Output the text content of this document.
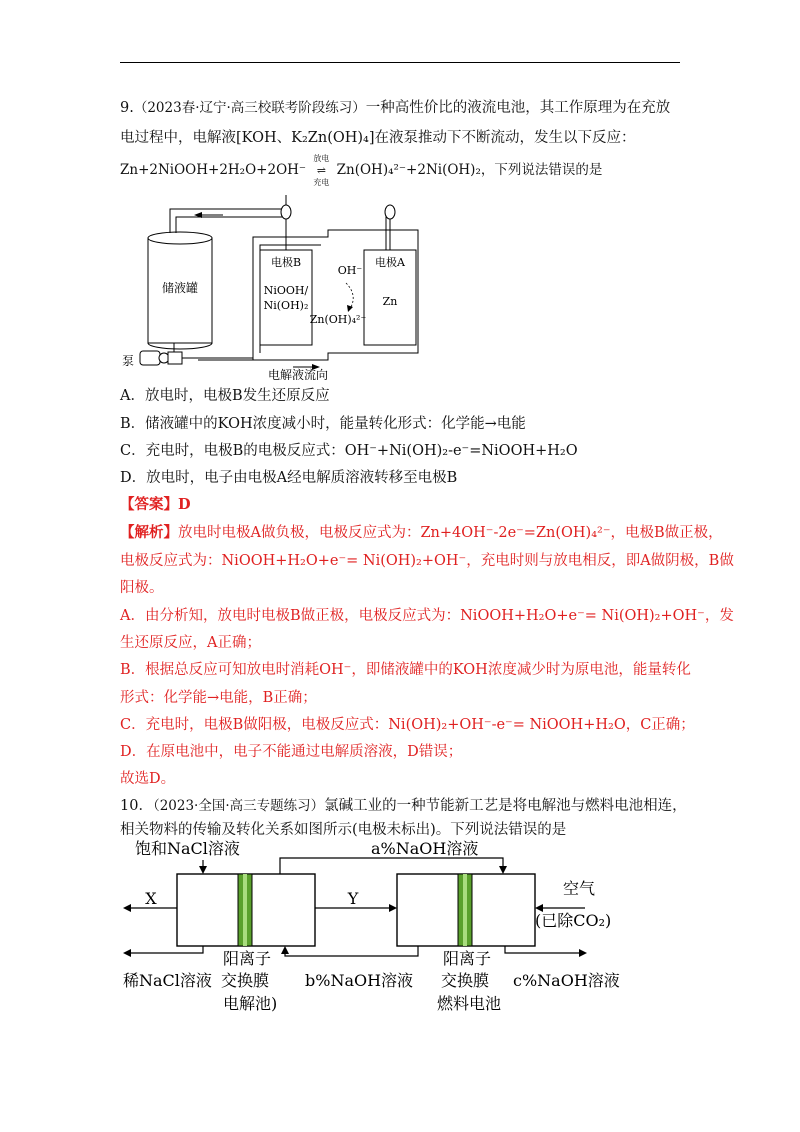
9.（2023春·辽宁·高三校联考阶段练习）一种高性价比的液流电池，其工作原理为在充放
电过程中，电解液[KOH、K₂Zn(OH)₄]在液泵推动下不断流动，发生以下反应：
Zn+2NiOOH+2H₂O+2OH⁻
放电
⇌
充电
Zn(OH)₄²⁻+2Ni(OH)₂，下列说法错误的是
储液罐
电极B
NiOOH/
Ni(OH)₂
电极A
Zn
OH⁻
Zn(OH)₄²⁻
泵
电解液流向
A．放电时，电极B发生还原反应
B．储液罐中的KOH浓度减小时，能量转化形式：化学能→电能
C．充电时，电极B的电极反应式：OH⁻+Ni(OH)₂-e⁻=NiOOH+H₂O
D．放电时，电子由电极A经电解质溶液转移至电极B
【答案】D
【解析】放电时电极A做负极，电极反应式为：Zn+4OH⁻-2e⁻=Zn(OH)₄²⁻，电极B做正极，
电极反应式为：NiOOH+H₂O+e⁻= Ni(OH)₂+OH⁻，充电时则与放电相反，即A做阴极，B做
阳极。
A．由分析知，放电时电极B做正极，电极反应式为：NiOOH+H₂O+e⁻= Ni(OH)₂+OH⁻，发
生还原反应，A正确；
B．根据总反应可知放电时消耗OH⁻，即储液罐中的KOH浓度减少时为原电池，能量转化
形式：化学能→电能，B正确；
C．充电时，电极B做阳极，电极反应式：Ni(OH)₂+OH⁻-e⁻= NiOOH+H₂O，C正确；
D．在原电池中，电子不能通过电解质溶液，D错误；
故选D。
10．（2023·全国·高三专题练习）氯碱工业的一种节能新工艺是将电解池与燃料电池相连，
相关物料的传输及转化关系如图所示(电极未标出)。下列说法错误的是
饱和NaCl溶液	a%NaOH溶液
X	Y
空气
(已除CO₂)
阳离子
交换膜
电解池)
稀NaCl溶液	b%NaOH溶液
阳离子
交换膜
燃料电池
c%NaOH溶液
